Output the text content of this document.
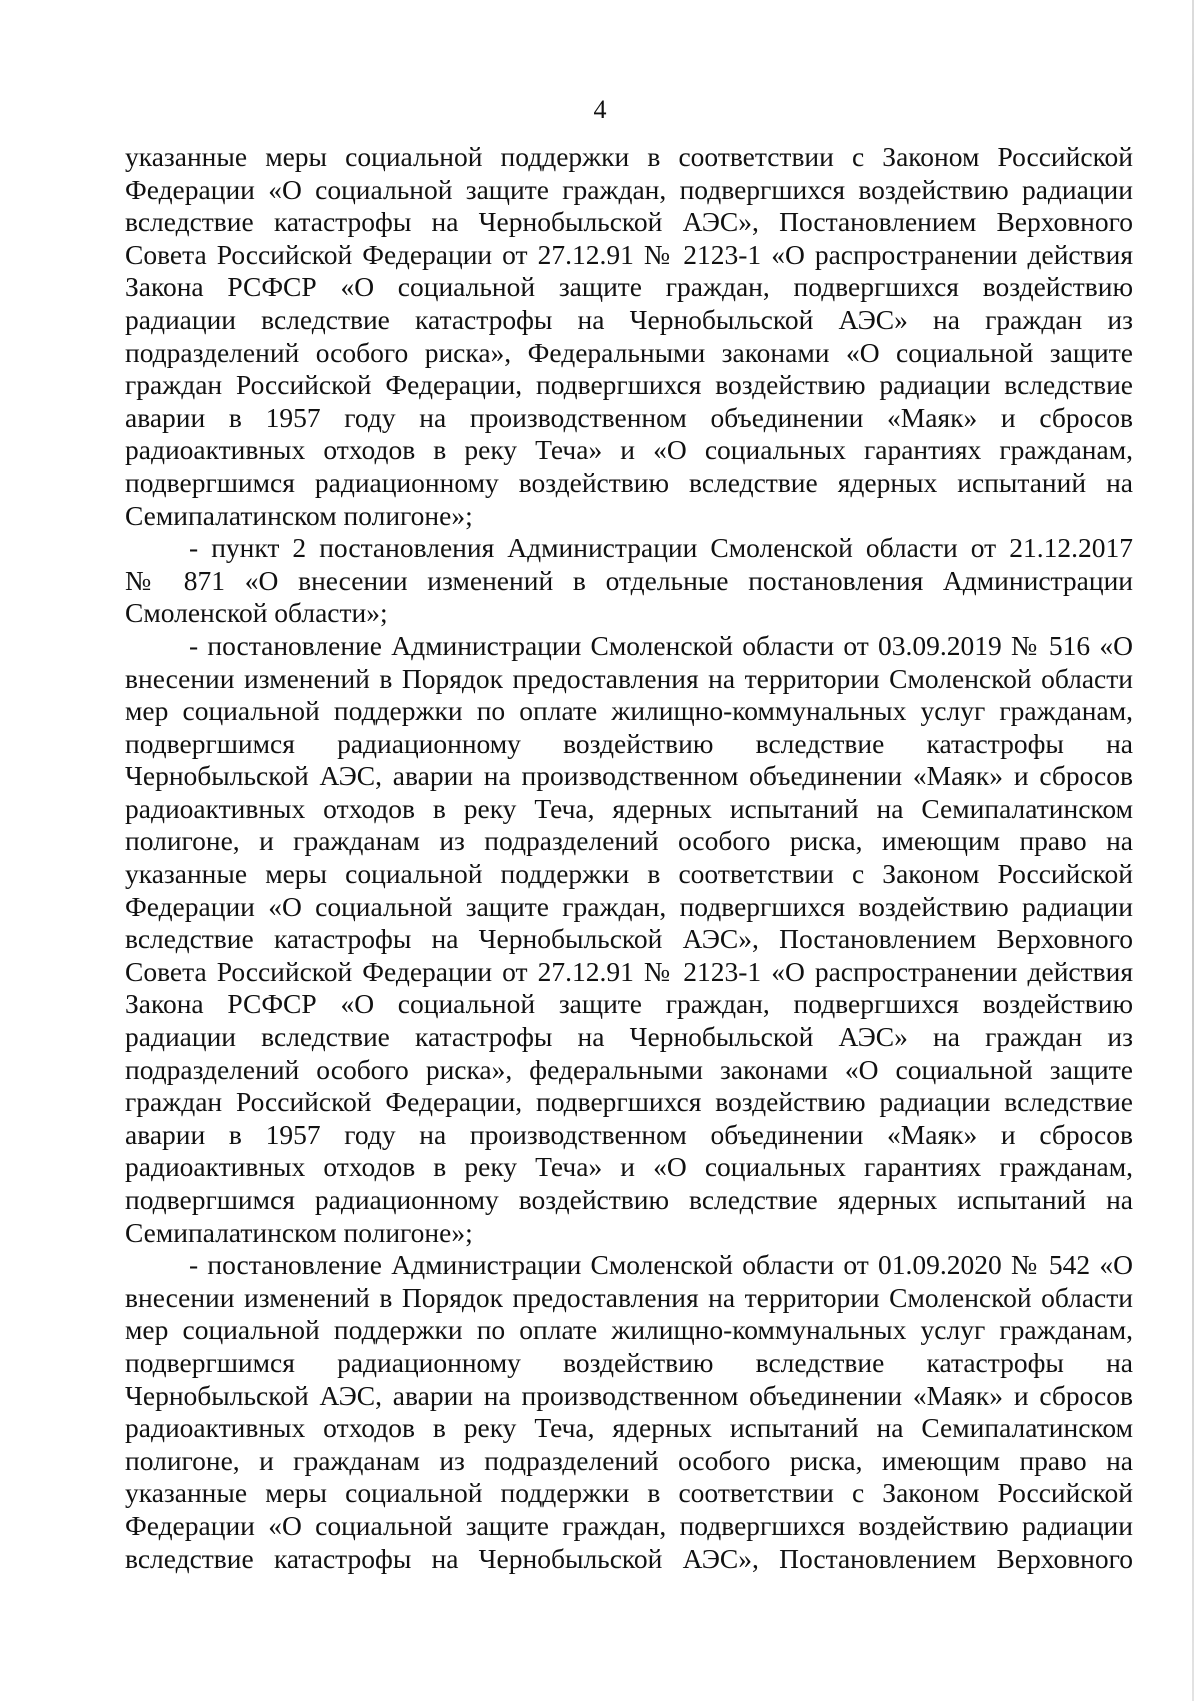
4
указанные меры социальной поддержки в соответствии с Законом Российской
Федерации «О социальной защите граждан, подвергшихся воздействию радиации
вследствие катастрофы на Чернобыльской АЭС», Постановлением Верховного
Совета Российской Федерации от 27.12.91 № 2123-1 «О распространении действия
Закона РСФСР «О социальной защите граждан, подвергшихся воздействию
радиации вследствие катастрофы на Чернобыльской АЭС» на граждан из
подразделений особого риска», Федеральными законами «О социальной защите
граждан Российской Федерации, подвергшихся воздействию радиации вследствие
аварии в 1957 году на производственном объединении «Маяк» и сбросов
радиоактивных отходов в реку Теча» и «О социальных гарантиях гражданам,
подвергшимся радиационному воздействию вследствие ядерных испытаний на
Семипалатинском полигоне»;
- пункт 2 постановления Администрации Смоленской области от 21.12.2017
№ 871 «О внесении изменений в отдельные постановления Администрации
Смоленской области»;
- постановление Администрации Смоленской области от 03.09.2019 № 516 «О
внесении изменений в Порядок предоставления на территории Смоленской области
мер социальной поддержки по оплате жилищно-коммунальных услуг гражданам,
подвергшимся радиационному воздействию вследствие катастрофы на
Чернобыльской АЭС, аварии на производственном объединении «Маяк» и сбросов
радиоактивных отходов в реку Теча, ядерных испытаний на Семипалатинском
полигоне, и гражданам из подразделений особого риска, имеющим право на
указанные меры социальной поддержки в соответствии с Законом Российской
Федерации «О социальной защите граждан, подвергшихся воздействию радиации
вследствие катастрофы на Чернобыльской АЭС», Постановлением Верховного
Совета Российской Федерации от 27.12.91 № 2123-1 «О распространении действия
Закона РСФСР «О социальной защите граждан, подвергшихся воздействию
радиации вследствие катастрофы на Чернобыльской АЭС» на граждан из
подразделений особого риска», федеральными законами «О социальной защите
граждан Российской Федерации, подвергшихся воздействию радиации вследствие
аварии в 1957 году на производственном объединении «Маяк» и сбросов
радиоактивных отходов в реку Теча» и «О социальных гарантиях гражданам,
подвергшимся радиационному воздействию вследствие ядерных испытаний на
Семипалатинском полигоне»;
- постановление Администрации Смоленской области от 01.09.2020 № 542 «О
внесении изменений в Порядок предоставления на территории Смоленской области
мер социальной поддержки по оплате жилищно-коммунальных услуг гражданам,
подвергшимся радиационному воздействию вследствие катастрофы на
Чернобыльской АЭС, аварии на производственном объединении «Маяк» и сбросов
радиоактивных отходов в реку Теча, ядерных испытаний на Семипалатинском
полигоне, и гражданам из подразделений особого риска, имеющим право на
указанные меры социальной поддержки в соответствии с Законом Российской
Федерации «О социальной защите граждан, подвергшихся воздействию радиации
вследствие катастрофы на Чернобыльской АЭС», Постановлением Верховного
